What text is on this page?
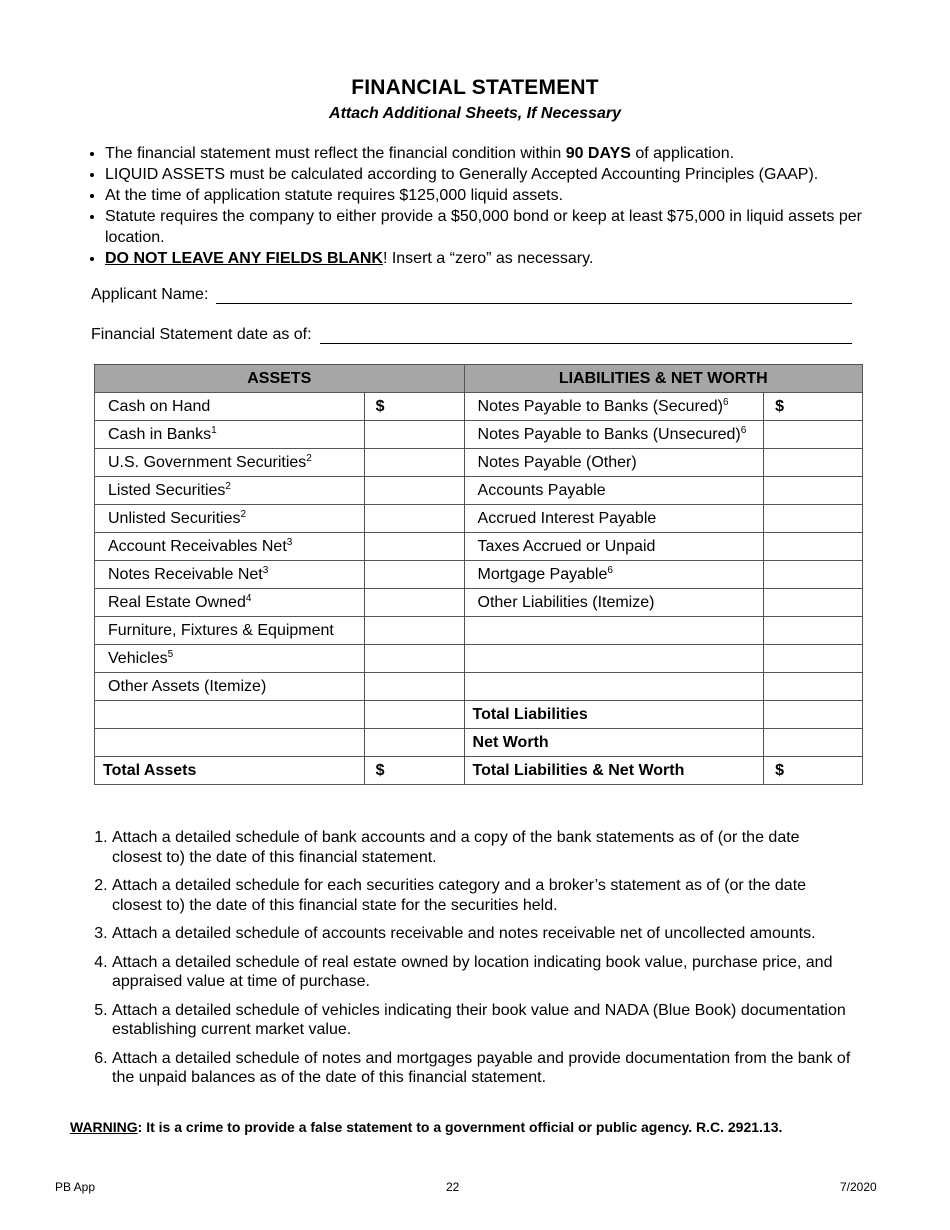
FINANCIAL STATEMENT
Attach Additional Sheets, If Necessary
• The financial statement must reflect the financial condition within 90 DAYS of application.
• LIQUID ASSETS must be calculated according to Generally Accepted Accounting Principles (GAAP).
• At the time of application statute requires $125,000 liquid assets.
• Statute requires the company to either provide a $50,000 bond or keep at least $75,000 in liquid assets per location.
• DO NOT LEAVE ANY FIELDS BLANK! Insert a “zero” as necessary.
Applicant Name:
Financial Statement date as of:
ASSETS		LIABILITIES & NET WORTH	
Cash on Hand	$	Notes Payable to Banks (Secured)$^6$	$
Cash in Banks$^1$		Notes Payable to Banks (Unsecured)$^6$	
U.S. Government Securities$^2$		Notes Payable (Other)	
Listed Securities$^2$		Accounts Payable	
Unlisted Securities$^2$		Accrued Interest Payable	
Account Receivables Net$^3$		Taxes Accrued or Unpaid	
Notes Receivable Net$^3$		Mortgage Payable$^6$	
Real Estate Owned$^4$		Other Liabilities (Itemize)	
Furniture, Fixtures & Equipment			
Vehicles$^5$			
Other Assets (Itemize)			
		Total Liabilities	
		Net Worth	
Total Assets	$	Total Liabilities & Net Worth	$
1. Attach a detailed schedule of bank accounts and a copy of the bank statements as of (or the date closest to) the date of this financial statement.
2. Attach a detailed schedule for each securities category and a broker’s statement as of (or the date closest to) the date of this financial state for the securities held.
3. Attach a detailed schedule of accounts receivable and notes receivable net of uncollected amounts.
4. Attach a detailed schedule of real estate owned by location indicating book value, purchase price, and appraised value at time of purchase.
5. Attach a detailed schedule of vehicles indicating their book value and NADA (Blue Book) documentation establishing current market value.
6. Attach a detailed schedule of notes and mortgages payable and provide documentation from the bank of the unpaid balances as of the date of this financial statement.
WARNING: It is a crime to provide a false statement to a government official or public agency. R.C. 2921.13.
PB App	22	7/2020
